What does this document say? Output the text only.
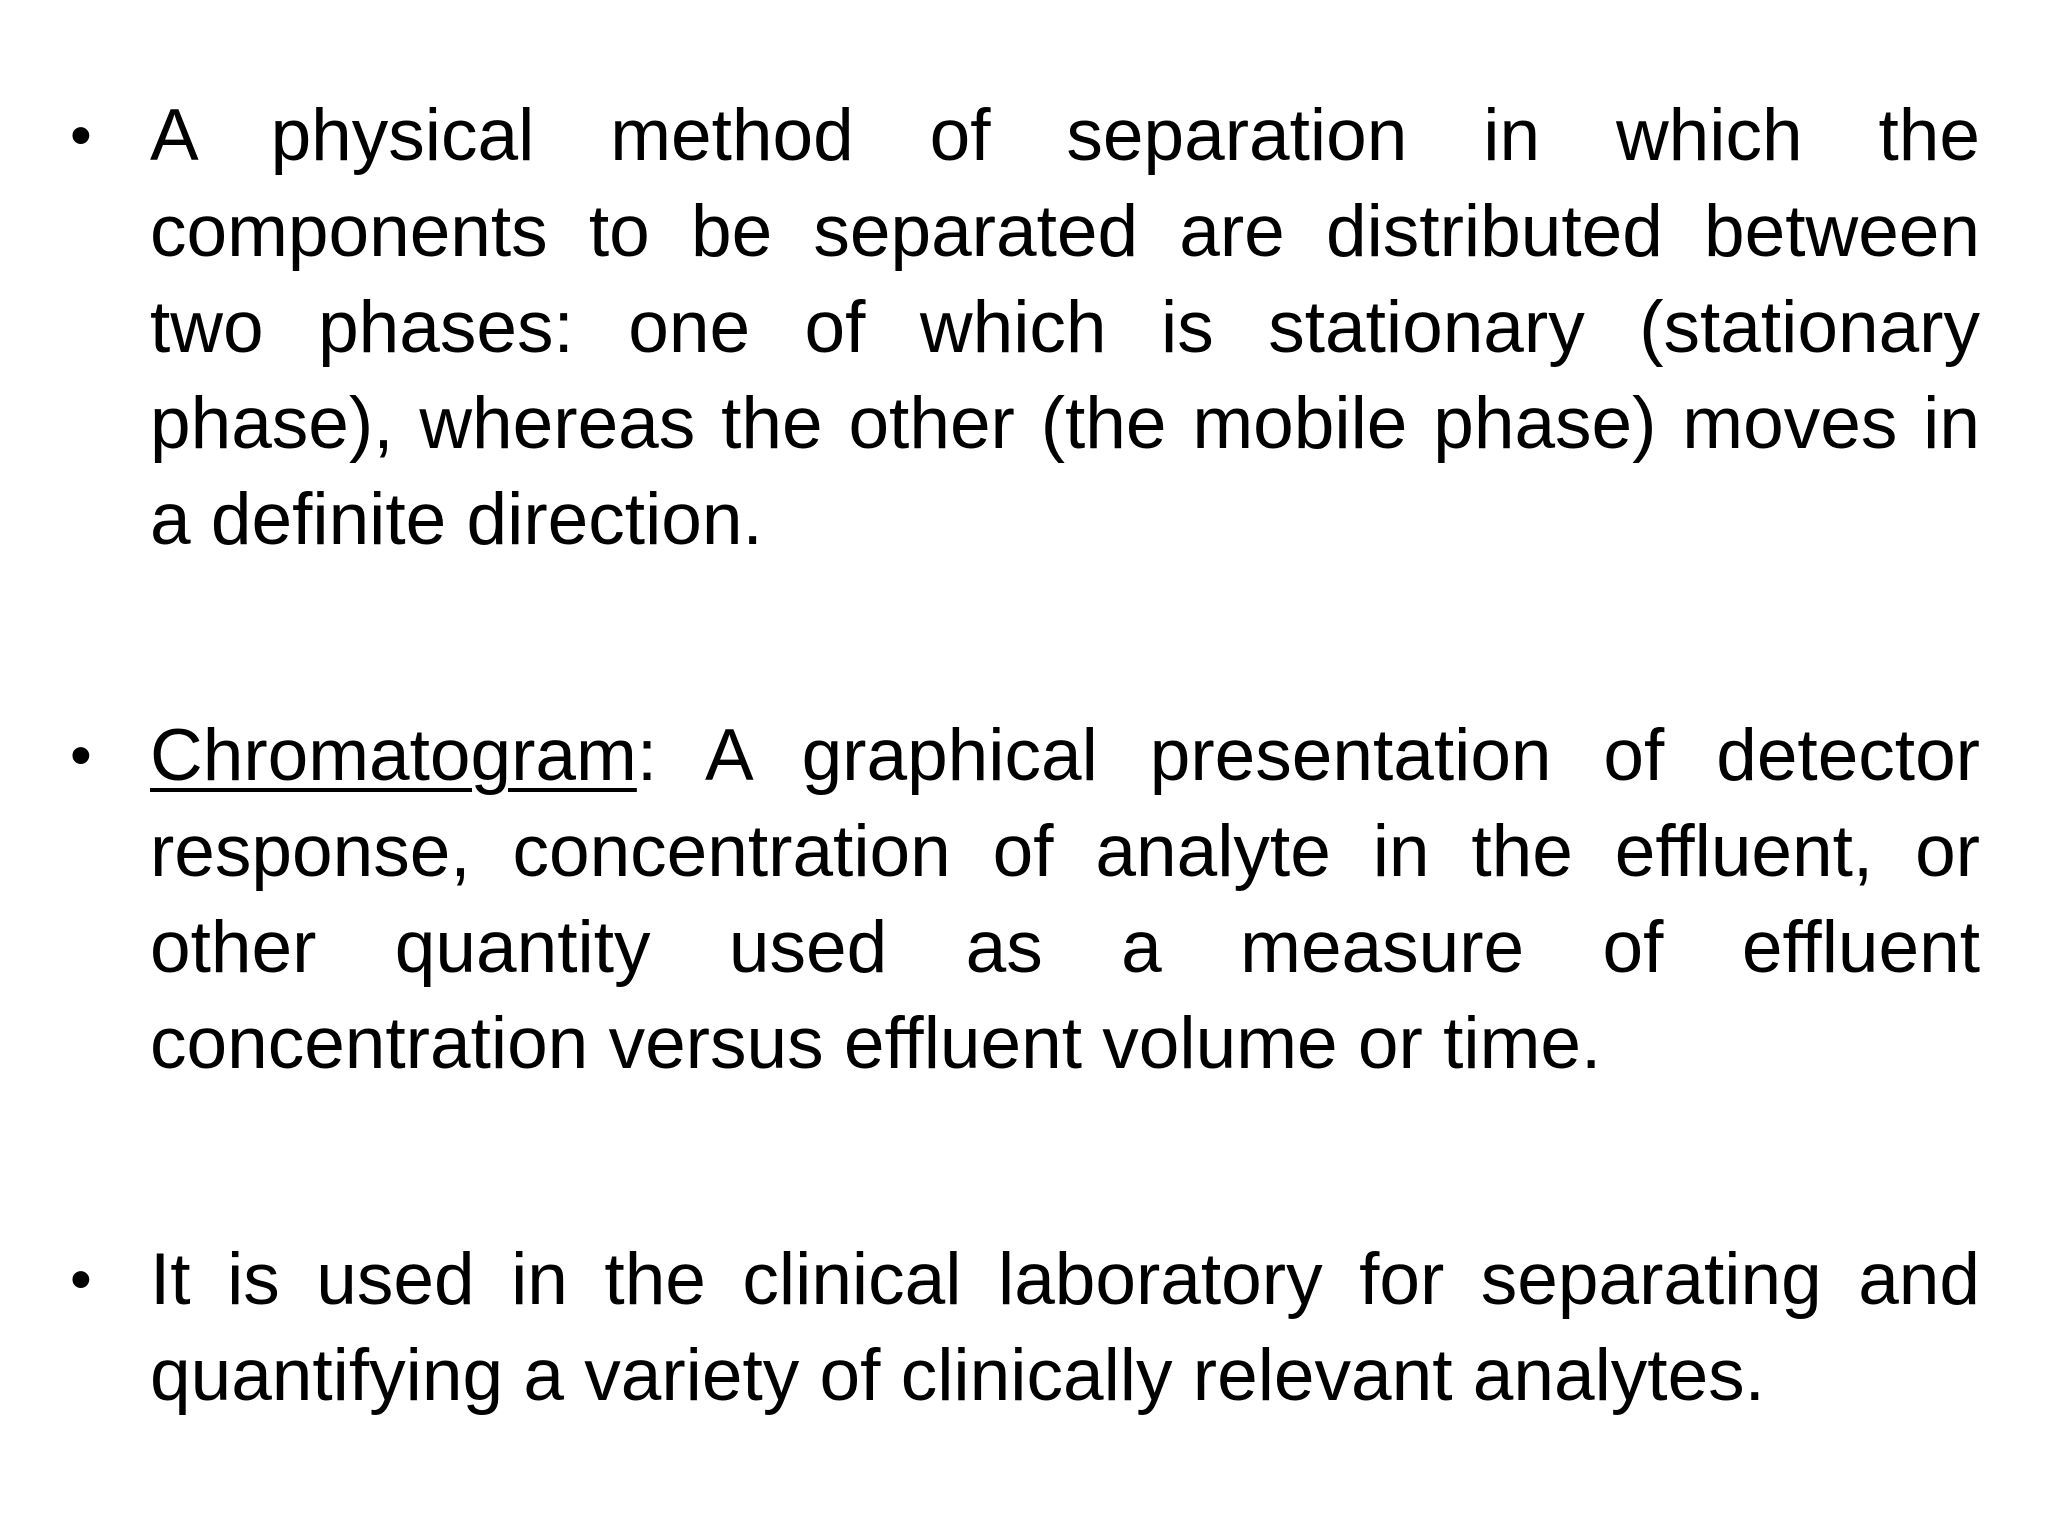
• A physical method of separation in which the components to be separated are distributed between two phases: one of which is stationary (stationary phase), whereas the other (the mobile phase) moves in a definite direction.
• Chromatogram: A graphical presentation of detector response, concentration of analyte in the effluent, or other quantity used as a measure of effluent concentration versus effluent volume or time.
• It is used in the clinical laboratory for separating and quantifying a variety of clinically relevant analytes.
